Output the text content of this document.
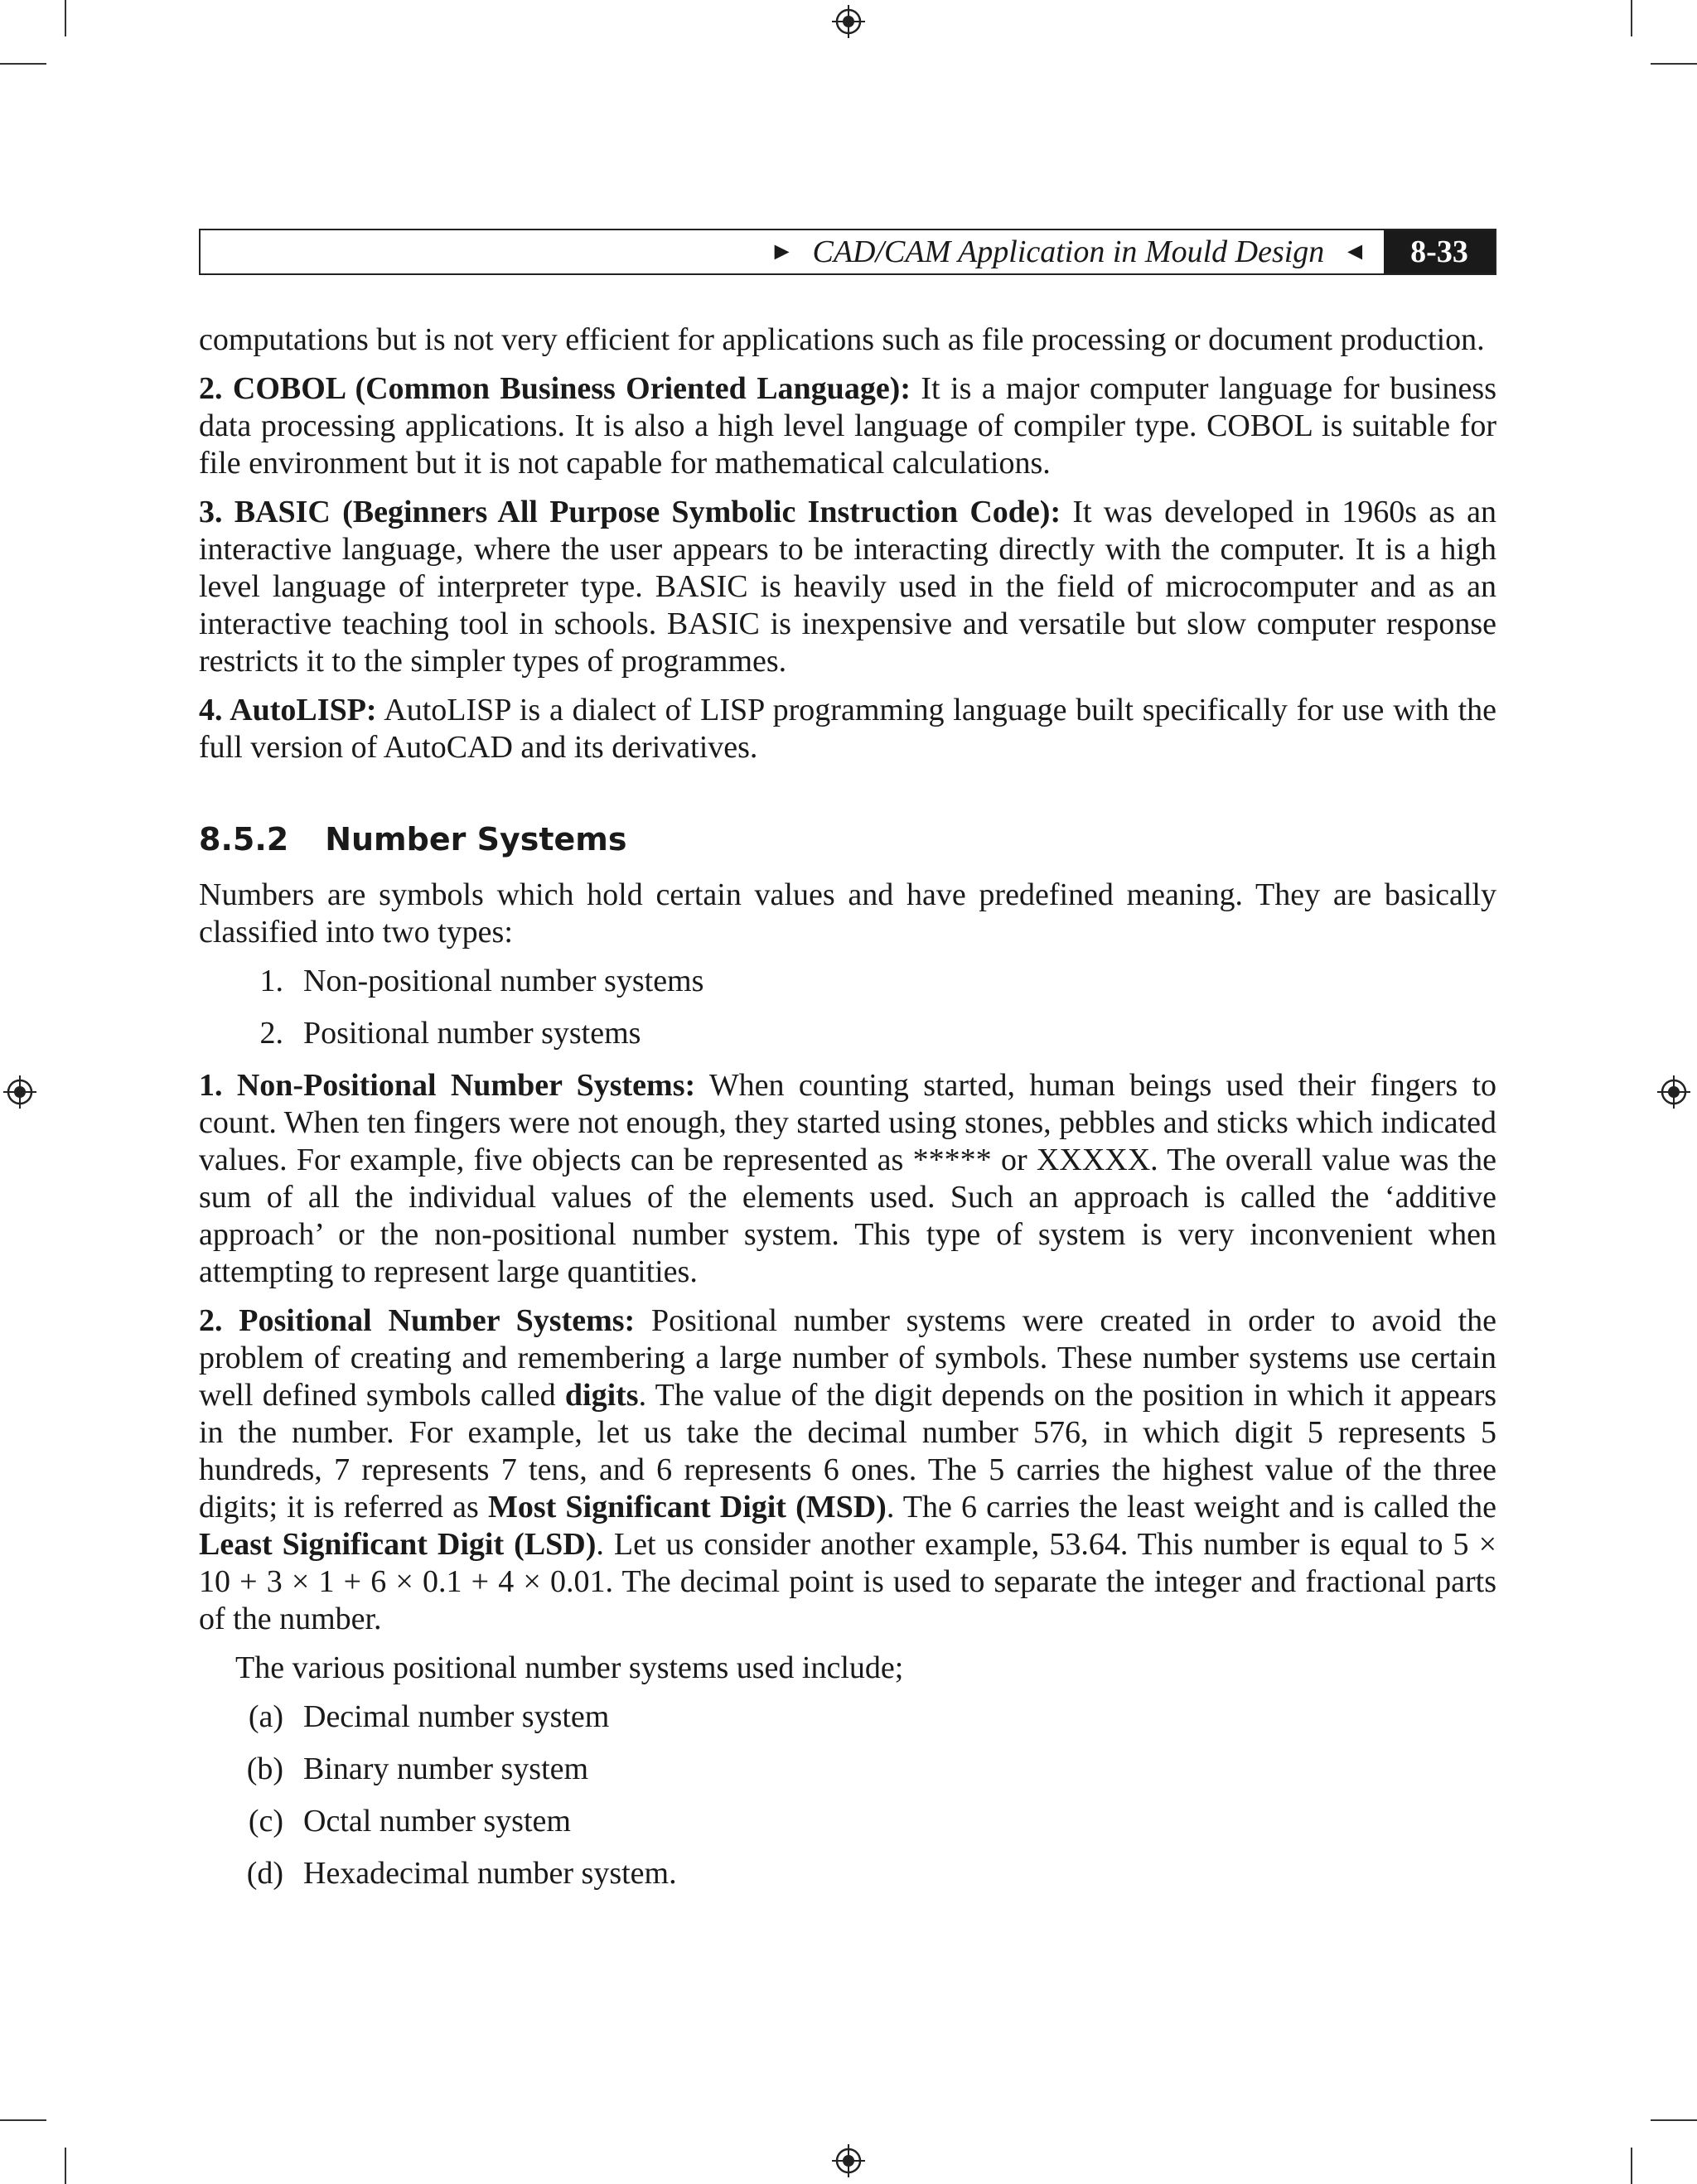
► CAD/CAM Application in Mould Design ◄	8-33

computations but is not very efficient for applications such as file processing or document production.

2. COBOL (Common Business Oriented Language): It is a major computer language for business data processing applications. It is also a high level language of compiler type. COBOL is suitable for file environment but it is not capable for mathematical calculations.

3. BASIC (Beginners All Purpose Symbolic Instruction Code): It was developed in 1960s as an interactive language, where the user appears to be interacting directly with the computer. It is a high level language of interpreter type. BASIC is heavily used in the field of microcomputer and as an interactive teaching tool in schools. BASIC is inexpensive and versatile but slow computer response restricts it to the simpler types of programmes.

4. AutoLISP: AutoLISP is a dialect of LISP programming language built specifically for use with the full version of AutoCAD and its derivatives.

8.5.2 Number Systems

Numbers are symbols which hold certain values and have predefined meaning. They are basically classified into two types:

1. Non-positional number systems
2. Positional number systems

1. Non-Positional Number Systems: When counting started, human beings used their fingers to count. When ten fingers were not enough, they started using stones, pebbles and sticks which indicated values. For example, five objects can be represented as ***** or XXXXX. The overall value was the sum of all the individual values of the elements used. Such an approach is called the ‘additive approach’ or the non-positional number system. This type of system is very inconvenient when attempting to represent large quantities.

2. Positional Number Systems: Positional number systems were created in order to avoid the problem of creating and remembering a large number of symbols. These number systems use certain well defined symbols called digits. The value of the digit depends on the position in which it appears in the number. For example, let us take the decimal number 576, in which digit 5 represents 5 hundreds, 7 represents 7 tens, and 6 represents 6 ones. The 5 carries the highest value of the three digits; it is referred as Most Significant Digit (MSD). The 6 carries the least weight and is called the Least Significant Digit (LSD). Let us consider another example, 53.64. This number is equal to 5 × 10 + 3 × 1 + 6 × 0.1 + 4 × 0.01. The decimal point is used to separate the integer and fractional parts of the number.

The various positional number systems used include;

(a) Decimal number system
(b) Binary number system
(c) Octal number system
(d) Hexadecimal number system.
